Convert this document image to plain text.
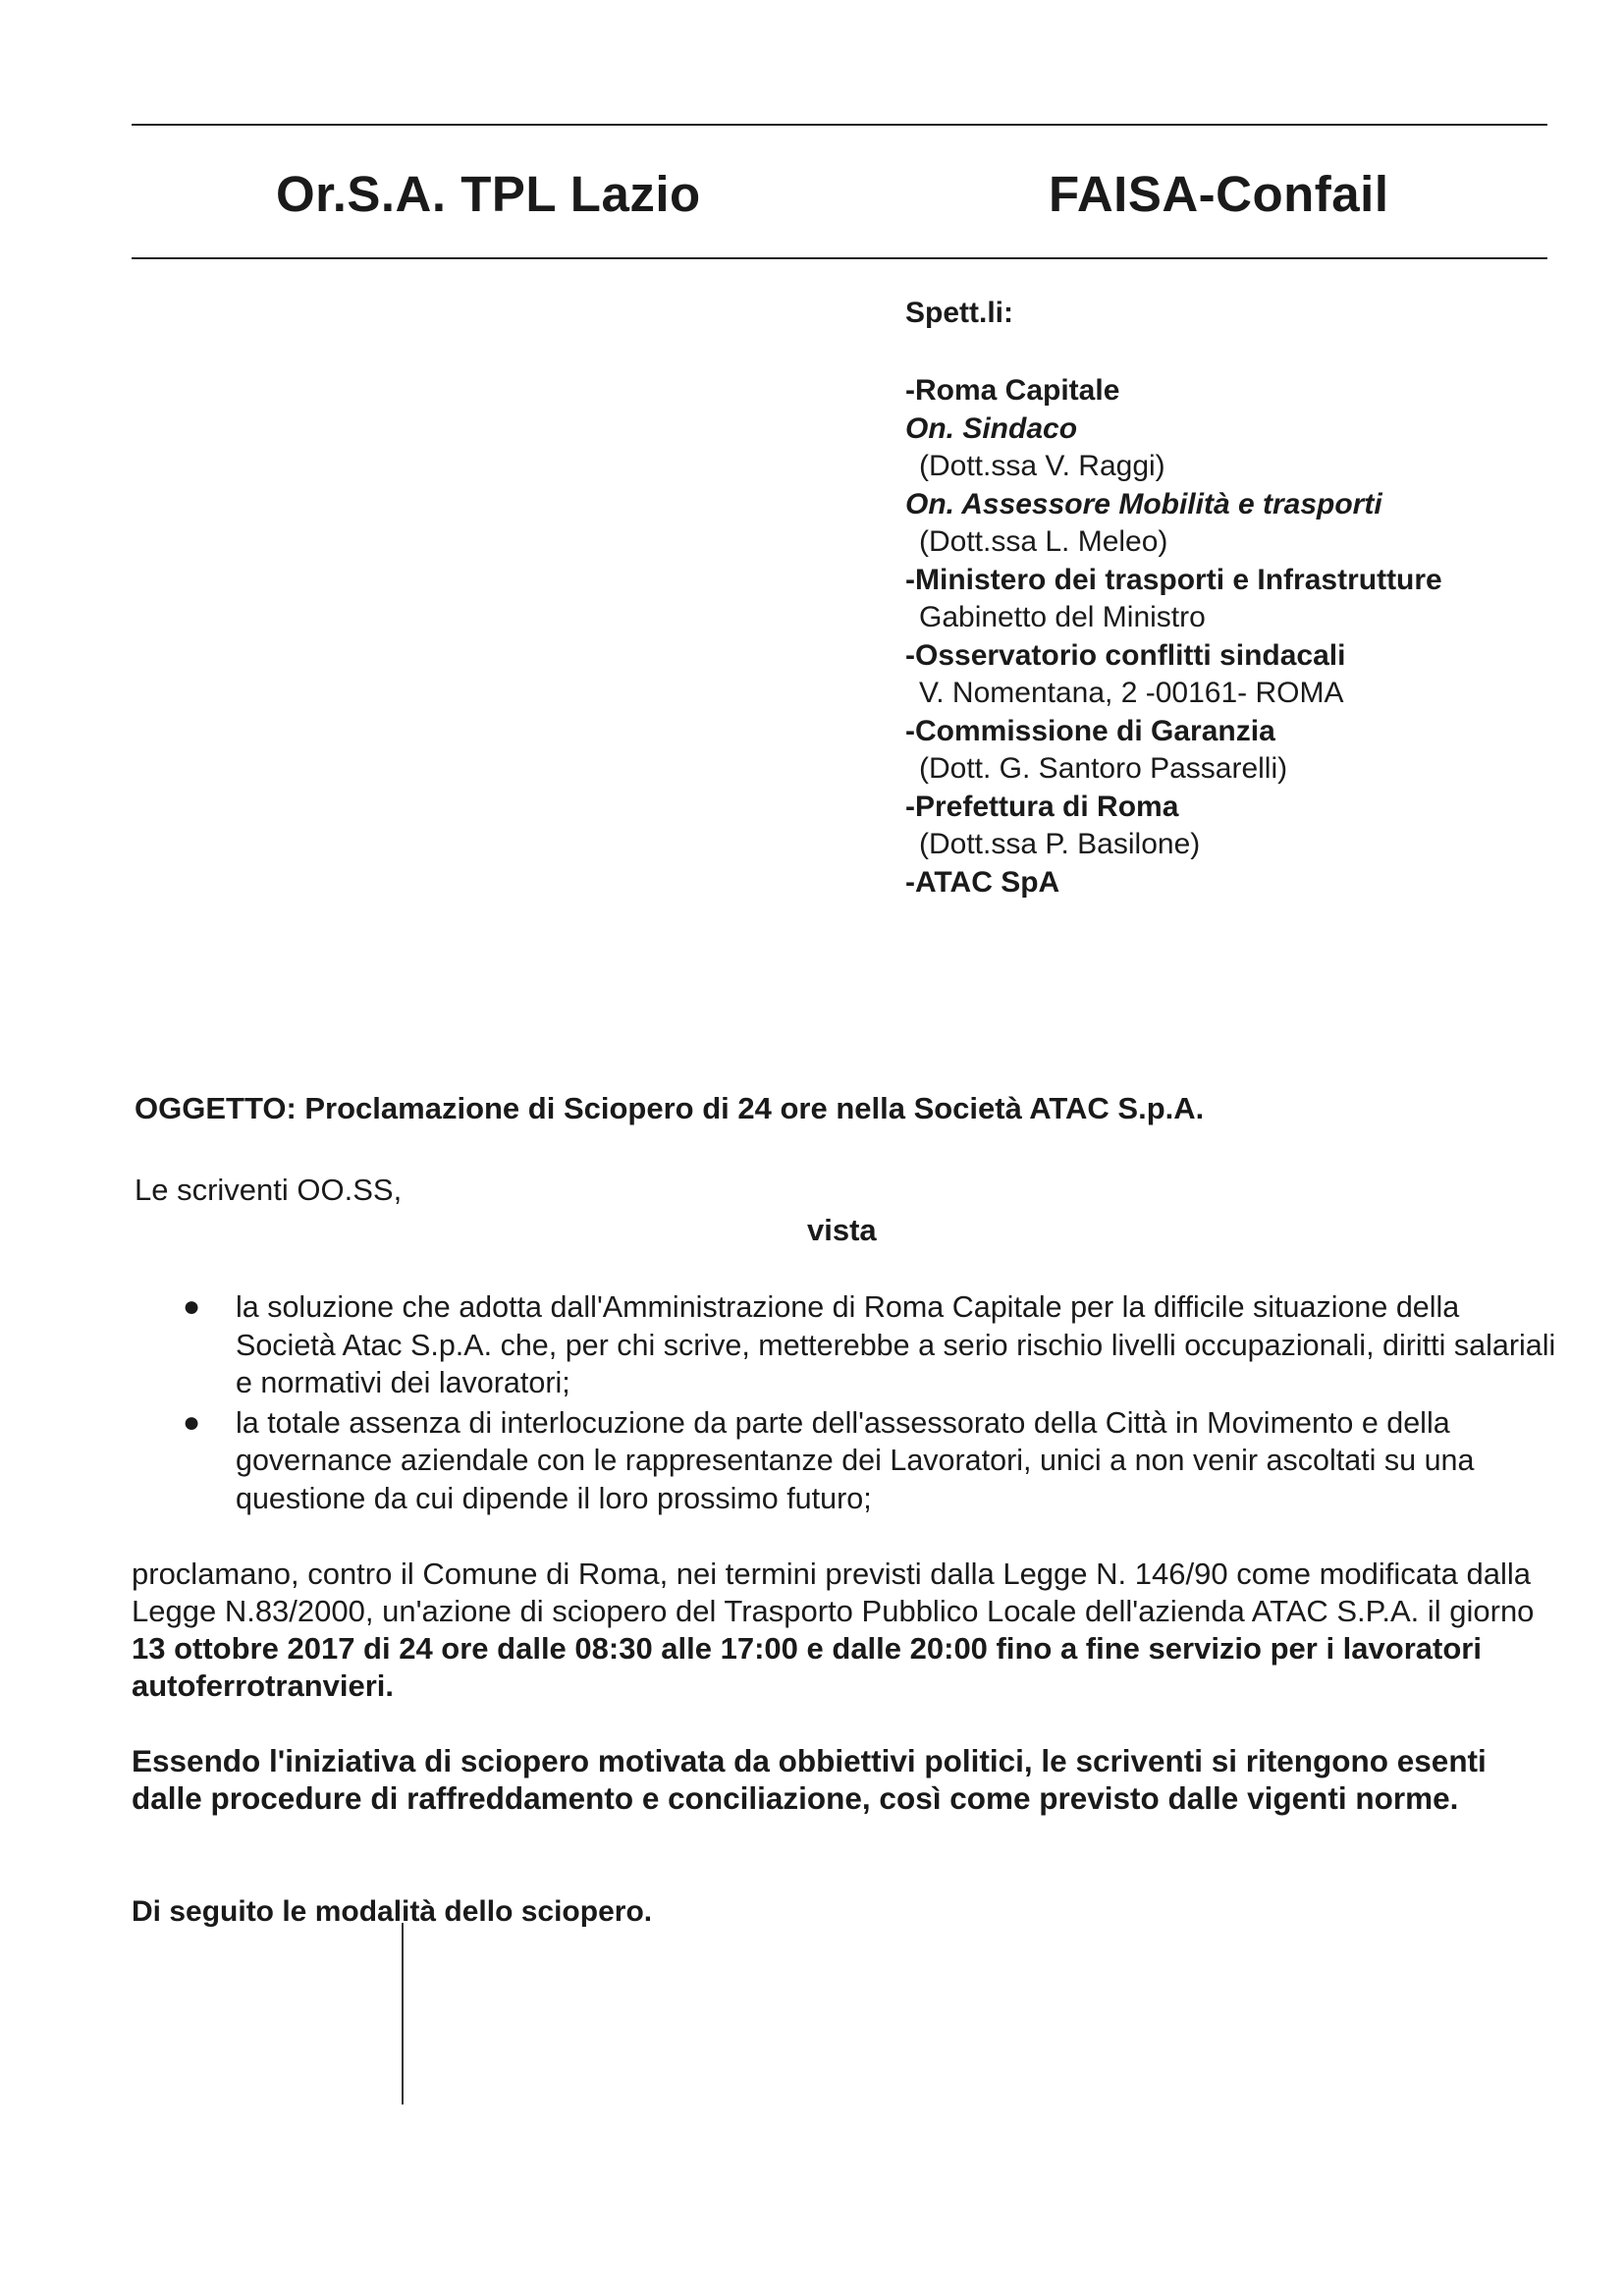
Or.S.A. TPL Lazio	FAISA-Confail
Spett.li:
-Roma Capitale
On. Sindaco
(Dott.ssa V. Raggi)
On. Assessore Mobilità e trasporti
(Dott.ssa L. Meleo)
-Ministero dei trasporti e Infrastrutture
Gabinetto del Ministro
-Osservatorio conflitti sindacali
V. Nomentana, 2 -00161- ROMA
-Commissione di Garanzia
(Dott. G. Santoro Passarelli)
-Prefettura di Roma
(Dott.ssa P. Basilone)
-ATAC SpA
OGGETTO: Proclamazione di Sciopero di 24 ore nella Società ATAC S.p.A.
Le scriventi OO.SS,
vista
● la soluzione che adotta dall'Amministrazione di Roma Capitale per la difficile situazione della Società Atac S.p.A. che, per chi scrive, metterebbe a serio rischio livelli occupazionali, diritti salariali e normativi dei lavoratori;
● la totale assenza di interlocuzione da parte dell'assessorato della Città in Movimento e della governance aziendale con le rappresentanze dei Lavoratori, unici a non venir ascoltati su una questione da cui dipende il loro prossimo futuro;
proclamano, contro il Comune di Roma, nei termini previsti dalla Legge N. 146/90 come modificata dalla Legge N.83/2000, un'azione di sciopero del Trasporto Pubblico Locale dell'azienda ATAC S.P.A. il giorno 13 ottobre 2017 di 24 ore dalle 08:30 alle 17:00 e dalle 20:00 fino a fine servizio per i lavoratori autoferrotranvieri.
Essendo l'iniziativa di sciopero motivata da obbiettivi politici, le scriventi si ritengono esenti dalle procedure di raffreddamento e conciliazione, così come previsto dalle vigenti norme.
Di seguito le modalità dello sciopero.
